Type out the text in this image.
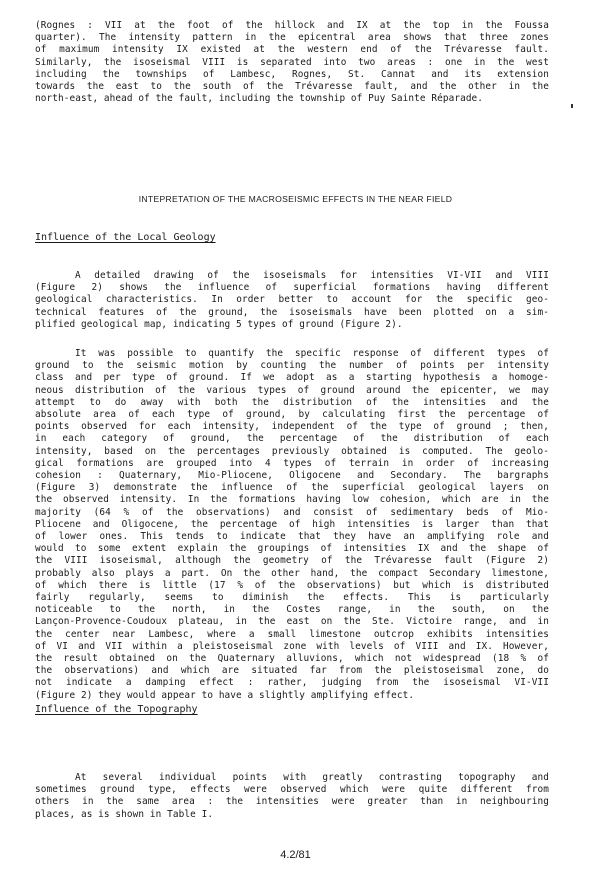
(Rognes : VII at the foot of the hillock and IX at the top in the Foussa
quarter). The intensity pattern in the epicentral area shows that three zones
of maximum intensity IX existed at the western end of the Trévaresse fault.
Similarly, the isoseismal VIII is separated into two areas : one in the west
including the townships of Lambesc, Rognes, St. Cannat and its extension
towards the east to the south of the Trévaresse fault, and the other in the
north-east, ahead of the fault, including the township of Puy Sainte Réparade.
INTEPRETATION OF THE MACROSEISMIC EFFECTS IN THE NEAR FIELD
Influence of the Local Geology
A detailed drawing of the isoseismals for intensities VI-VII and VIII
(Figure 2) shows the influence of superficial formations having different
geological characteristics. In order better to account for the specific geo-
technical features of the ground, the isoseismals have been plotted on a sim-
plified geological map, indicating 5 types of ground (Figure 2).
It was possible to quantify the specific response of different types of
ground to the seismic motion by counting the number of points per intensity
class and per type of ground. If we adopt as a starting hypothesis a homoge-
neous distribution of the various types of ground around the epicenter, we may
attempt to do away with both the distribution of the intensities and the
absolute area of each type of ground, by calculating first the percentage of
points observed for each intensity, independent of the type of ground ; then,
in each category of ground, the percentage of the distribution of each
intensity, based on the percentages previously obtained is computed. The geolo-
gical formations are grouped into 4 types of terrain in order of increasing
cohesion : Quaternary, Mio-Pliocene, Oligocene and Secondary. The bargraphs
(Figure 3) demonstrate the influence of the superficial geological layers on
the observed intensity. In the formations having low cohesion, which are in the
majority (64 % of the observations) and consist of sedimentary beds of Mio-
Pliocene and Oligocene, the percentage of high intensities is larger than that
of lower ones. This tends to indicate that they have an amplifying role and
would to some extent explain the groupings of intensities IX and the shape of
the VIII isoseismal, although the geometry of the Trévaresse fault (Figure 2)
probably also plays a part. On the other hand, the compact Secondary limestone,
of which there is little (17 % of the observations) but which is distributed
fairly regularly, seems to diminish the effects. This is particularly
noticeable to the north, in the Costes range, in the south, on the
Lançon-Provence-Coudoux plateau, in the east on the Ste. Victoire range, and in
the center near Lambesc, where a small limestone outcrop exhibits intensities
of VI and VII within a pleistoseismal zone with levels of VIII and IX. However,
the result obtained on the Quaternary alluvions, which not widespread (18 % of
the observations) and which are situated far from the pleistoseismal zone, do
not indicate a damping effect : rather, judging from the isoseismal VI-VII
(Figure 2) they would appear to have a slightly amplifying effect.
Influence of the Topography
At several individual points with greatly contrasting topography and
sometimes ground type, effects were observed which were quite different from
others in the same area : the intensities were greater than in neighbouring
places, as is shown in Table I.
4.2/81
